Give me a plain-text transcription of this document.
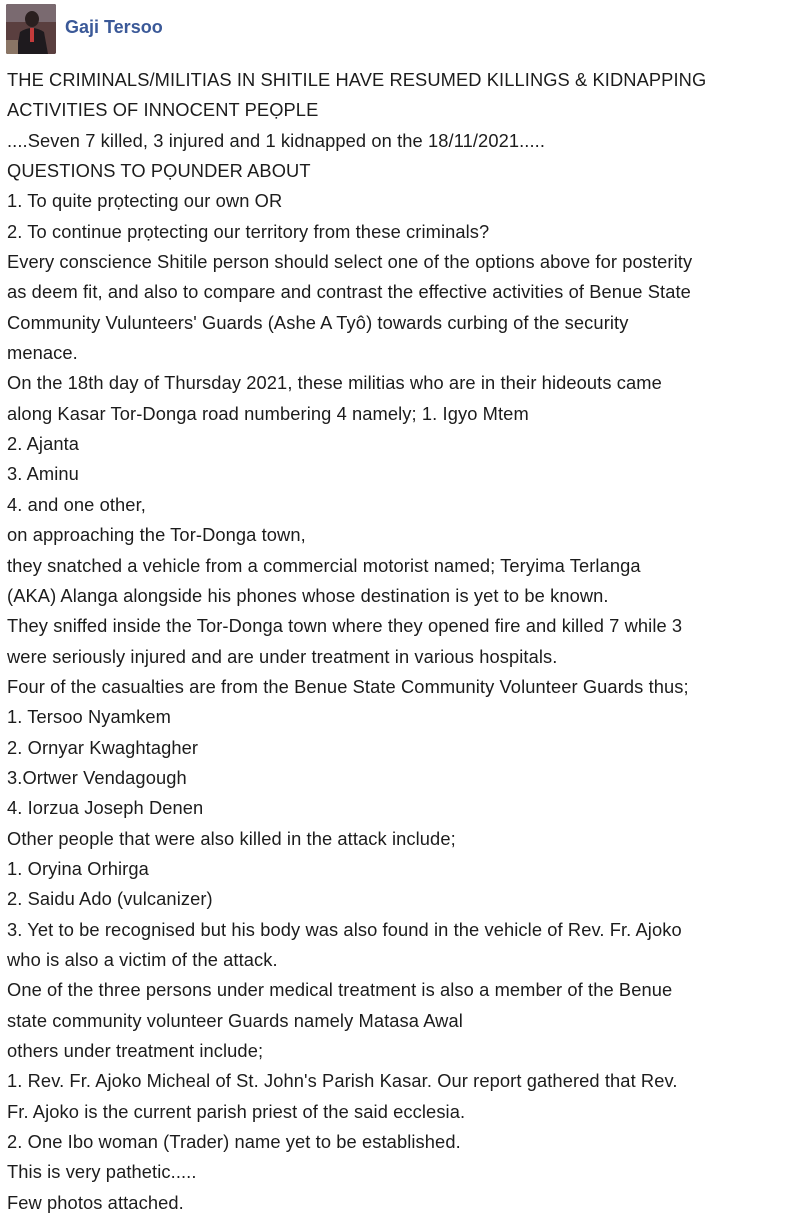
Gaji Tersoo
THE CRIMINALS/MILITIAS IN SHITILE HAVE RESUMED KILLINGS & KIDNAPPING
ACTIVITIES OF INNOCENT PEỌPLE
....Seven 7 killed, 3 injured and 1 kidnapped on the 18/11/2021.....
QUESTIONS TO PỌUNDER ABOUT
1. To quite prọtecting our own OR
2. To continue prọtecting our territory from these criminals?
Every conscience Shitile person should select one of the options above for posterity
as deem fit, and also to compare and contrast the effective activities of Benue State
Community Vulunteers' Guards (Ashe A Tyô) towards curbing of the security
menace.
On the 18th day of Thursday 2021, these militias who are in their hideouts came
along Kasar Tor-Donga road numbering 4 namely; 1. Igyo Mtem
2. Ajanta
3. Aminu
4. and one other,
on approaching the Tor-Donga town,
they snatched a vehicle from a commercial motorist named; Teryima Terlanga
(AKA) Alanga alongside his phones whose destination is yet to be known.
They sniffed inside the Tor-Donga town where they opened fire and killed 7 while 3
were seriously injured and are under treatment in various hospitals.
Four of the casualties are from the Benue State Community Volunteer Guards thus;
1. Tersoo Nyamkem
2. Ornyar Kwaghtagher
3.Ortwer Vendagough
4. Iorzua Joseph Denen
Other people that were also killed in the attack include;
1. Oryina Orhirga
2. Saidu Ado (vulcanizer)
3. Yet to be recognised but his body was also found in the vehicle of Rev. Fr. Ajoko
who is also a victim of the attack.
One of the three persons under medical treatment is also a member of the Benue
state community volunteer Guards namely Matasa Awal
others under treatment include;
1. Rev. Fr. Ajoko Micheal of St. John's Parish Kasar. Our report gathered that Rev.
Fr. Ajoko is the current parish priest of the said ecclesia.
2. One Ibo woman (Trader) name yet to be established.
This is very pathetic.....
Few photos attached.
